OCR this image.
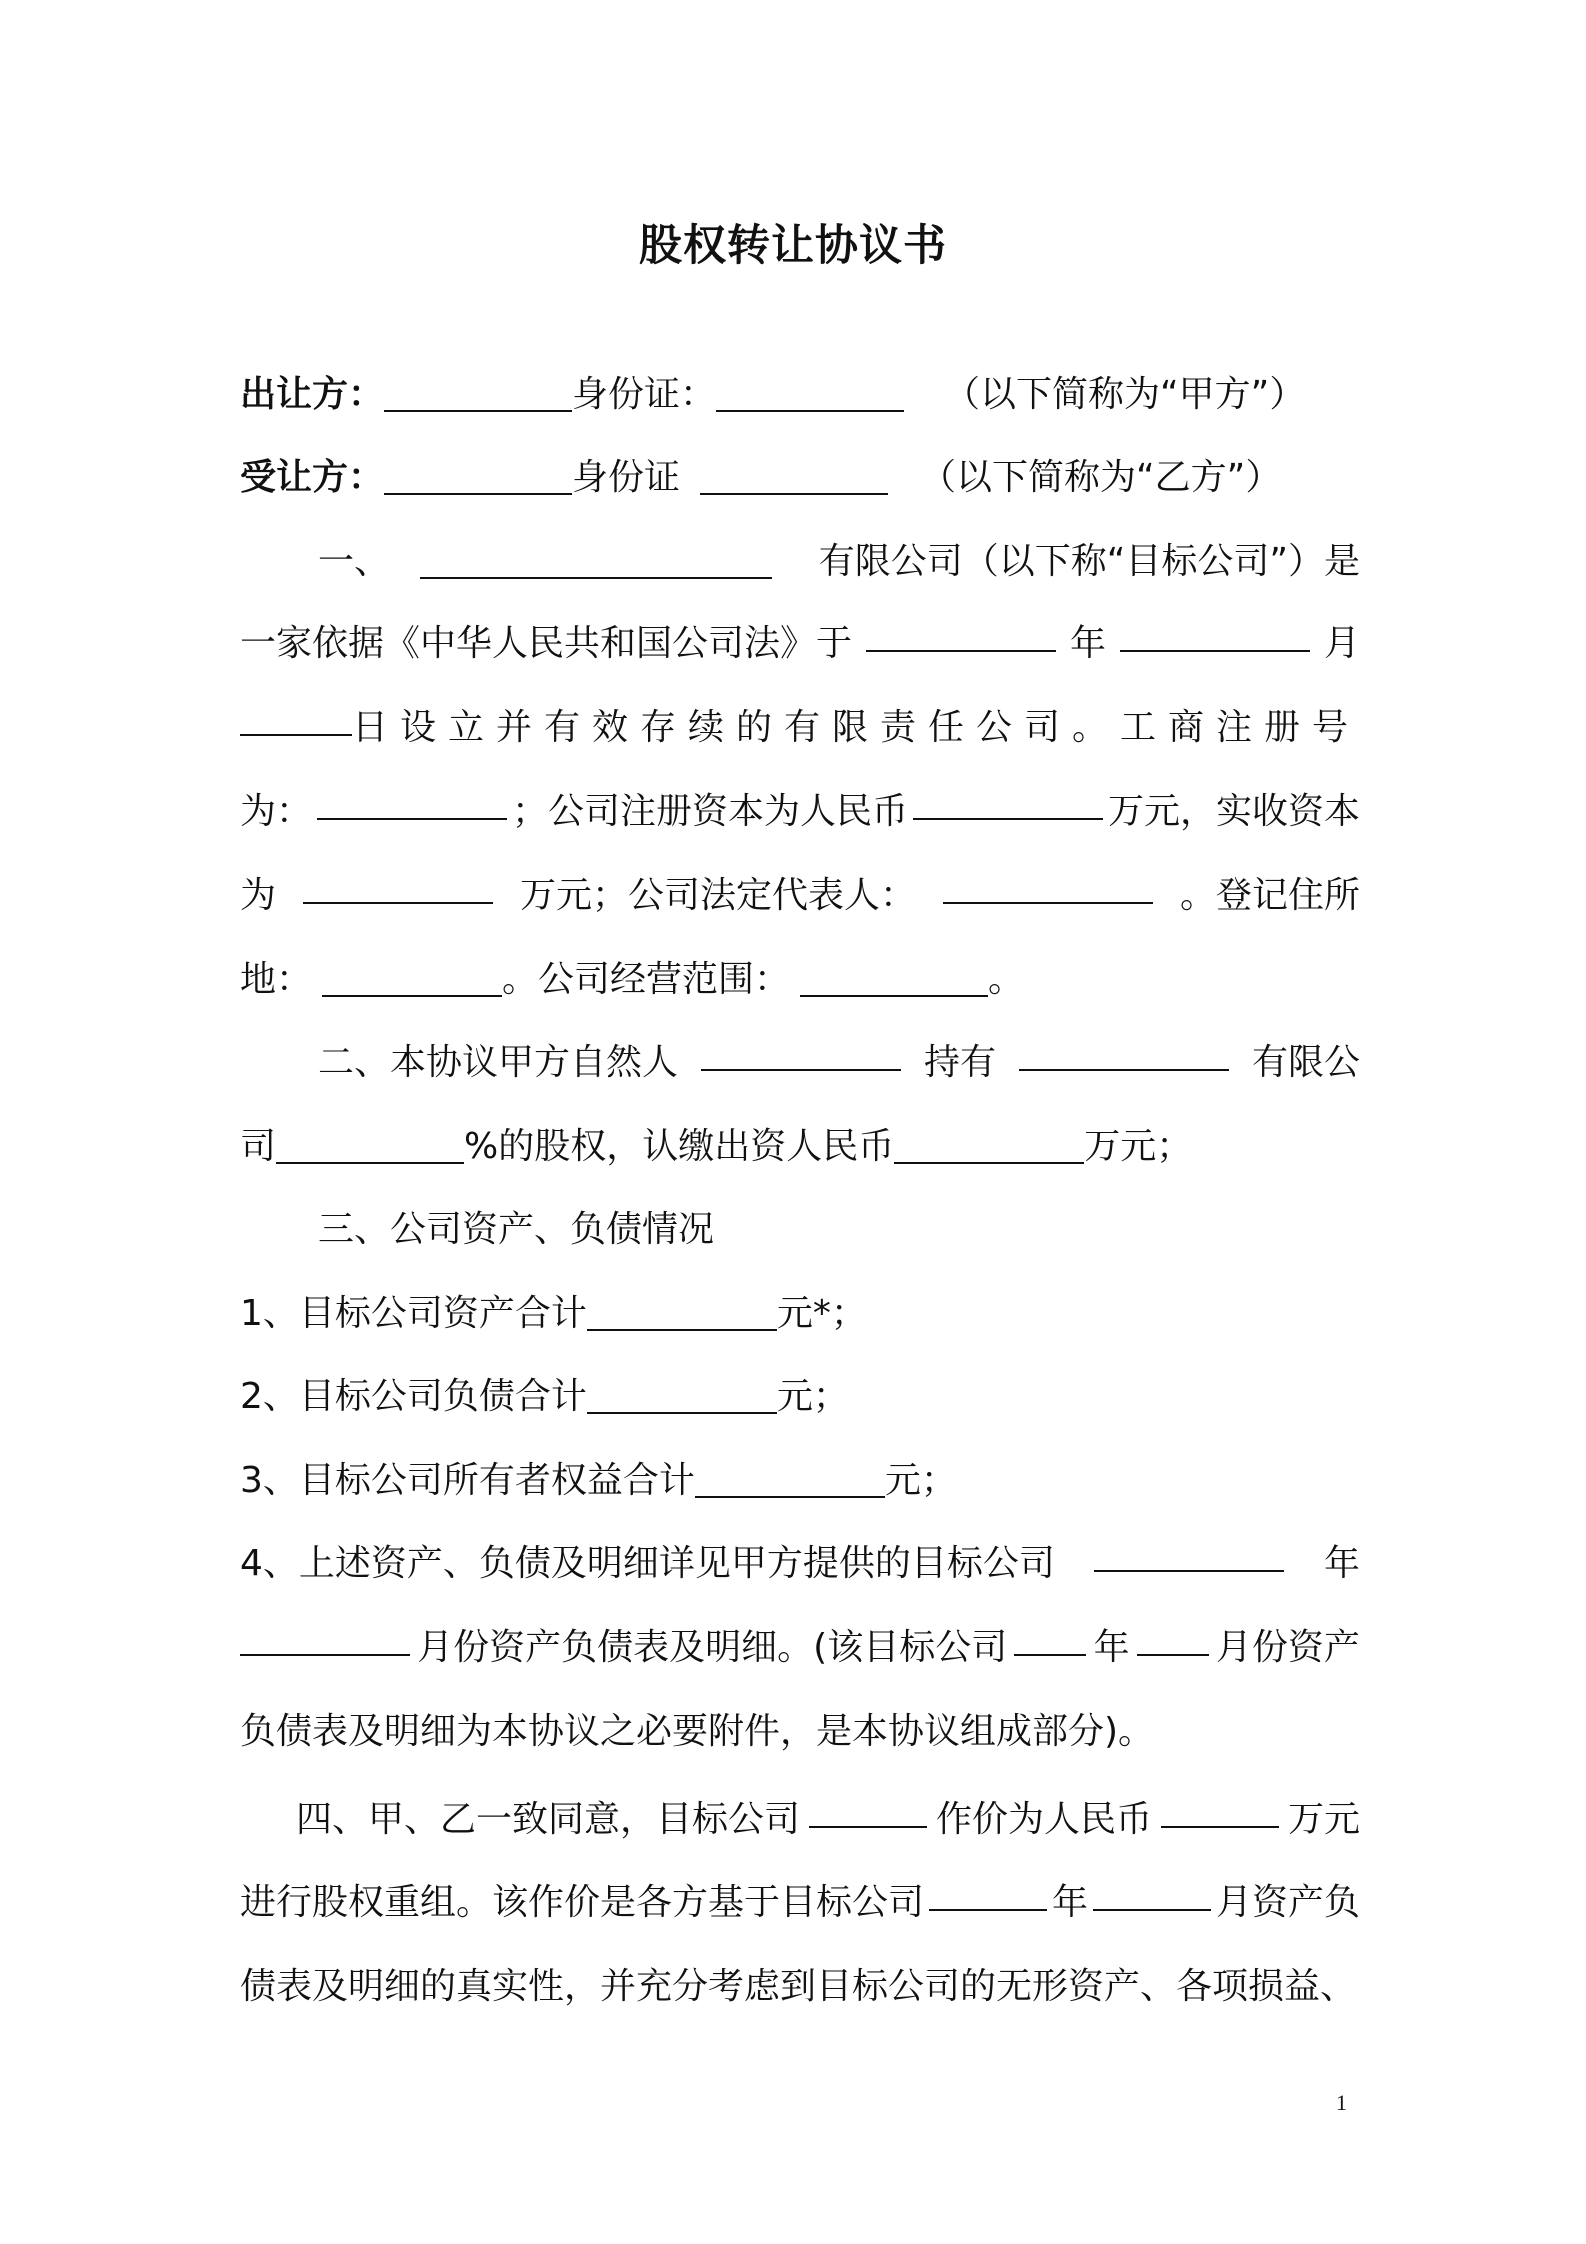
股权转让协议书
出让方：	身份证：	（以下简称为“甲方”）
受让方：	身份证	（以下简称为“乙方”）
一、	有限公司（以下称“目标公司”）是
一家依据《中华人民共和国公司法》于	年	月
日设立并有效存续的有限责任公司。工商注册号
为：	；公司注册资本为人民币	万元，实收资本
为	万元；公司法定代表人：	。登记住所
地：	。公司经营范围：	。
二、本协议甲方自然人	持有	有限公
司	%的股权，认缴出资人民币	万元；
三、公司资产、负债情况
1、目标公司资产合计	元*；
2、目标公司负债合计	元；
3、目标公司所有者权益合计	元；
4、上述资产、负债及明细详见甲方提供的目标公司	年
月份资产负债表及明细。(该目标公司 年 月份资产
负债表及明细为本协议之必要附件，是本协议组成部分)。
四、甲、乙一致同意，目标公司	作价为人民币	万元
进行股权重组。该作价是各方基于目标公司	年	月资产负
债表及明细的真实性，并充分考虑到目标公司的无形资产、各项损益、
1
